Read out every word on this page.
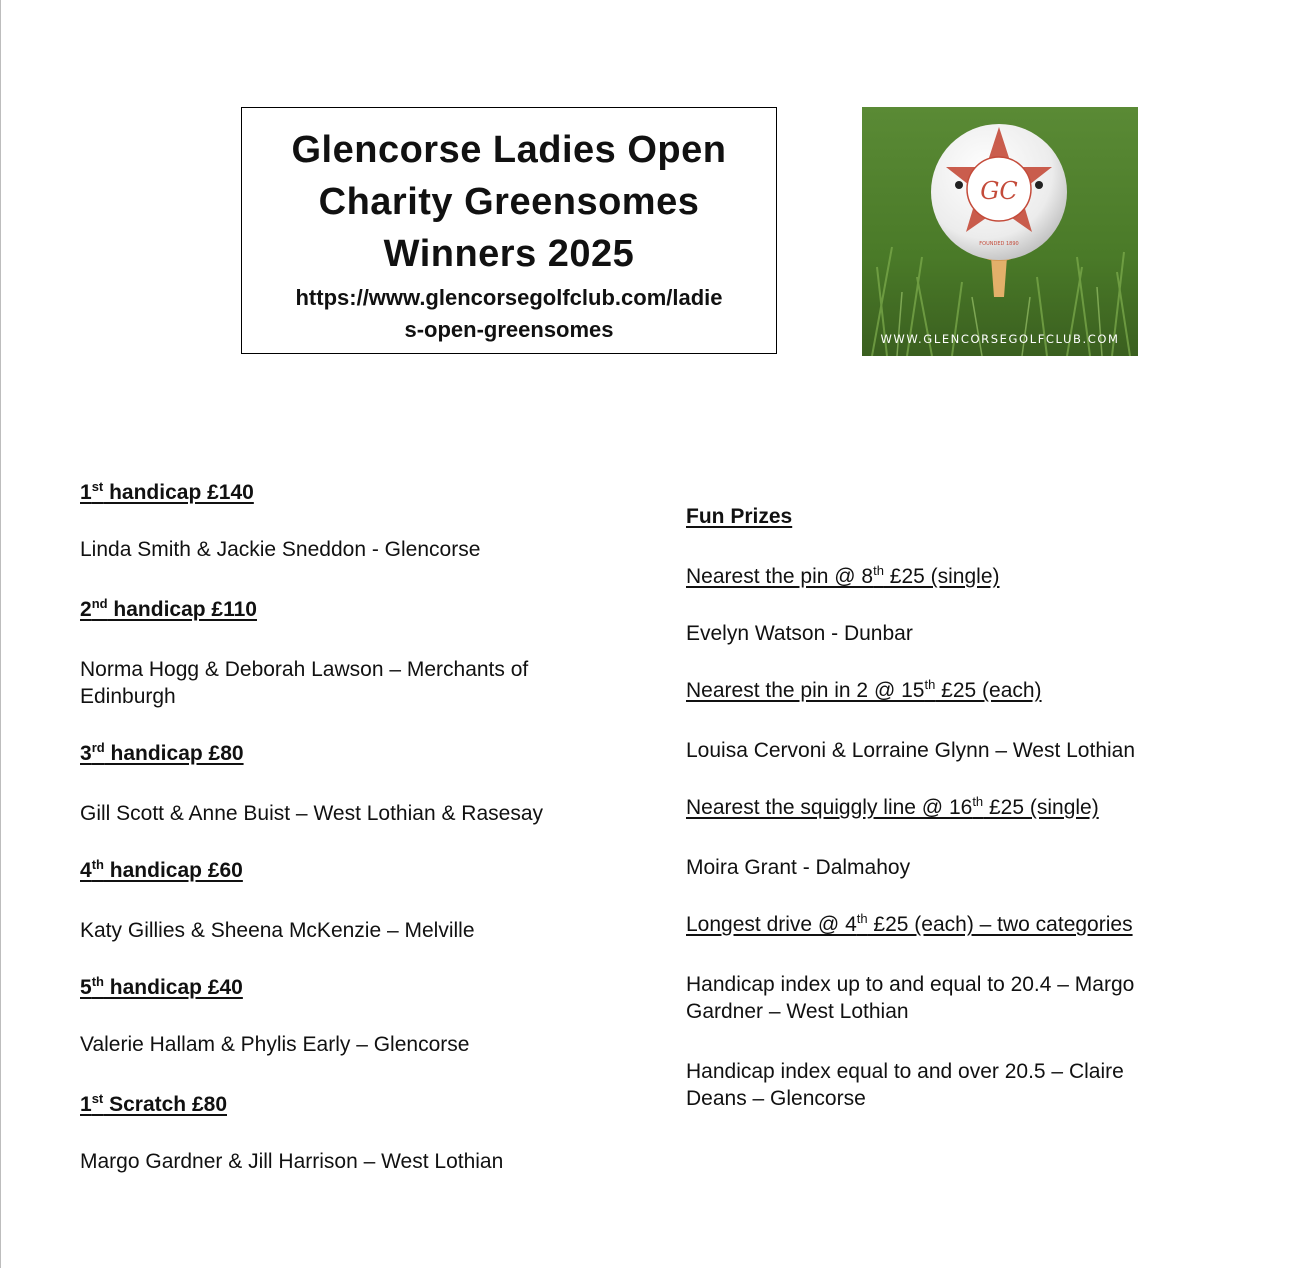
Glencorse Ladies Open
Charity Greensomes
Winners 2025
https://www.glencorsegolfclub.com/ladie
s-open-greensomes
GC
FOUNDED 1890
WWW.GLENCORSEGOLFCLUB.COM
1st handicap £140
Linda Smith & Jackie Sneddon - Glencorse
2nd handicap £110
Norma Hogg & Deborah Lawson – Merchants of
Edinburgh
3rd handicap £80
Gill Scott & Anne Buist – West Lothian & Rasesay
4th handicap £60
Katy Gillies & Sheena McKenzie – Melville
5th handicap £40
Valerie Hallam & Phylis Early – Glencorse
1st Scratch £80
Margo Gardner & Jill Harrison – West Lothian
Fun Prizes
Nearest the pin @ 8th £25 (single)
Evelyn Watson - Dunbar
Nearest the pin in 2 @ 15th £25 (each)
Louisa Cervoni & Lorraine Glynn – West Lothian
Nearest the squiggly line @ 16th £25 (single)
Moira Grant - Dalmahoy
Longest drive @ 4th £25 (each) – two categories
Handicap index up to and equal to 20.4 – Margo
Gardner – West Lothian
Handicap index equal to and over 20.5 – Claire
Deans – Glencorse
